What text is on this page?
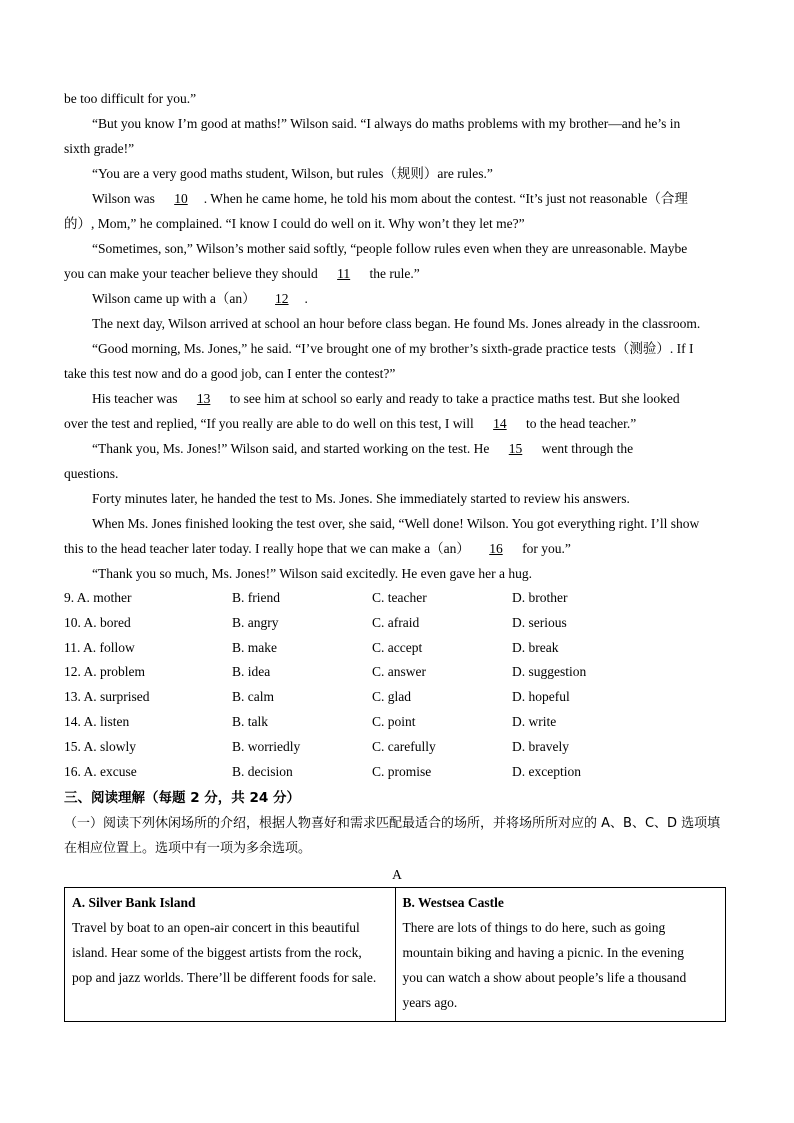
be too difficult for you.”

“But you know I’m good at maths!” Wilson said. “I always do maths problems with my brother—and he’s in

sixth grade!”

“You are a very good maths student, Wilson, but rules（规则）are rules.”

Wilson was 10 . When he came home, he told his mom about the contest. “It’s just not reasonable（合理

的）, Mom,” he complained. “I know I could do well on it. Why won’t they let me?”

“Sometimes, son,” Wilson’s mother said softly, “people follow rules even when they are unreasonable. Maybe

you can make your teacher believe they should 11 the rule.”

Wilson came up with a（an） 12 .

The next day, Wilson arrived at school an hour before class began. He found Ms. Jones already in the classroom.

“Good morning, Ms. Jones,” he said. “I’ve brought one of my brother’s sixth-grade practice tests（测验）. If I

take this test now and do a good job, can I enter the contest?”

His teacher was 13 to see him at school so early and ready to take a practice maths test. But she looked

over the test and replied, “If you really are able to do well on this test, I will 14 to the head teacher.”

“Thank you, Ms. Jones!” Wilson said, and started working on the test. He 15 went through the

questions.

Forty minutes later, he handed the test to Ms. Jones. She immediately started to review his answers.

When Ms. Jones finished looking the test over, she said, “Well done! Wilson. You got everything right. I’ll show

this to the head teacher later today. I really hope that we can make a（an） 16 for you.”

“Thank you so much, Ms. Jones!” Wilson said excitedly. He even gave her a hug.

9. A. mother	B. friend	C. teacher	D. brother
10. A. bored	B. angry	C. afraid	D. serious
11. A. follow	B. make	C. accept	D. break
12. A. problem	B. idea	C. answer	D. suggestion
13. A. surprised	B. calm	C. glad	D. hopeful
14. A. listen	B. talk	C. point	D. write
15. A. slowly	B. worriedly	C. carefully	D. bravely
16. A. excuse	B. decision	C. promise	D. exception
三、阅读理解（每题 2 分，共 24 分）
（一）阅读下列休闲场所的介绍，根据人物喜好和需求匹配最适合的场所，并将场所所对应的 A、B、C、D 选项填在相应位置上。选项中有一项为多余选项。
A
A. Silver Bank Island
Travel by boat to an open-air concert in this beautiful
island. Hear some of the biggest artists from the rock,
pop and jazz worlds. There’ll be different foods for sale.

B. Westsea Castle
There are lots of things to do here, such as going
mountain biking and having a picnic. In the evening
you can watch a show about people’s life a thousand
years ago.
